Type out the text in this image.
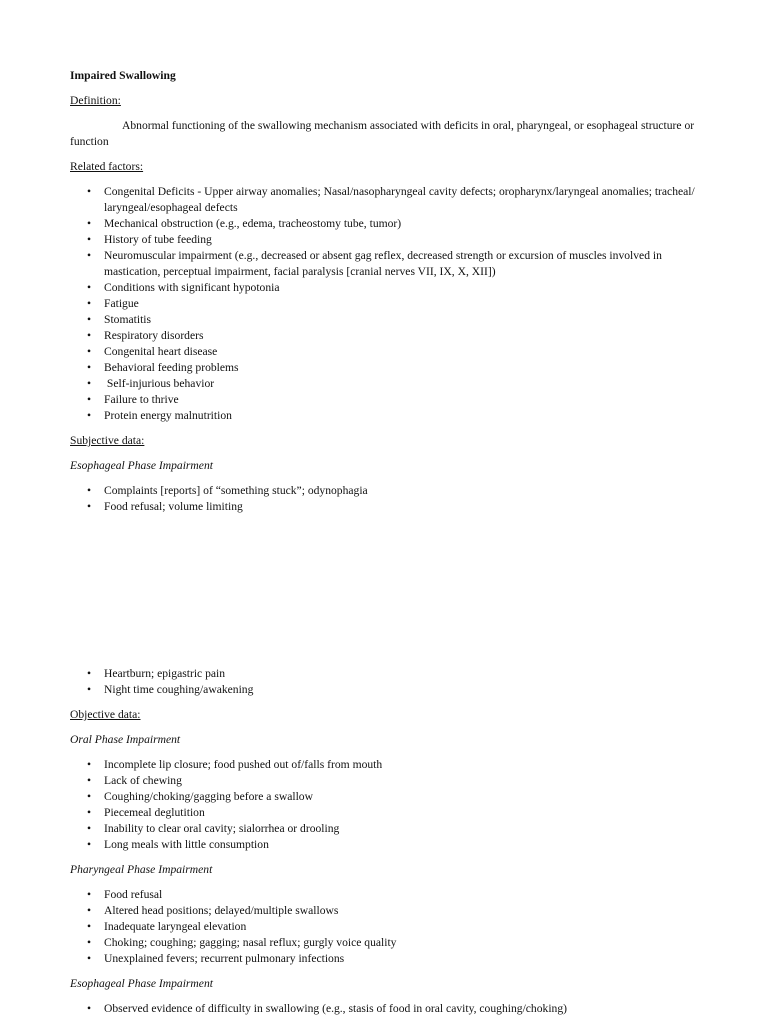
Impaired Swallowing
Definition:
Abnormal functioning of the swallowing mechanism associated with deficits in oral, pharyngeal, or esophageal structure or function
Related factors:
• Congenital Deficits - Upper airway anomalies; Nasal/nasopharyngeal cavity defects; oropharynx/laryngeal anomalies; tracheal/ laryngeal/esophageal defects
• Mechanical obstruction (e.g., edema, tracheostomy tube, tumor)
• History of tube feeding
• Neuromuscular impairment (e.g., decreased or absent gag reflex, decreased strength or excursion of muscles involved in mastication, perceptual impairment, facial paralysis [cranial nerves VII, IX, X, XII])
• Conditions with significant hypotonia
• Fatigue
• Stomatitis
• Respiratory disorders
• Congenital heart disease
• Behavioral feeding problems
•  Self-injurious behavior
• Failure to thrive
• Protein energy malnutrition
Subjective data:
Esophageal Phase Impairment
• Complaints [reports] of “something stuck”; odynophagia
• Food refusal; volume limiting
• Heartburn; epigastric pain
• Night time coughing/awakening
Objective data:
Oral Phase Impairment
• Incomplete lip closure; food pushed out of/falls from mouth
• Lack of chewing
• Coughing/choking/gagging before a swallow
• Piecemeal deglutition
• Inability to clear oral cavity; sialorrhea or drooling
• Long meals with little consumption
Pharyngeal Phase Impairment
• Food refusal
• Altered head positions; delayed/multiple swallows
• Inadequate laryngeal elevation
• Choking; coughing; gagging; nasal reflux; gurgly voice quality
• Unexplained fevers; recurrent pulmonary infections
Esophageal Phase Impairment
• Observed evidence of difficulty in swallowing (e.g., stasis of food in oral cavity, coughing/choking)
